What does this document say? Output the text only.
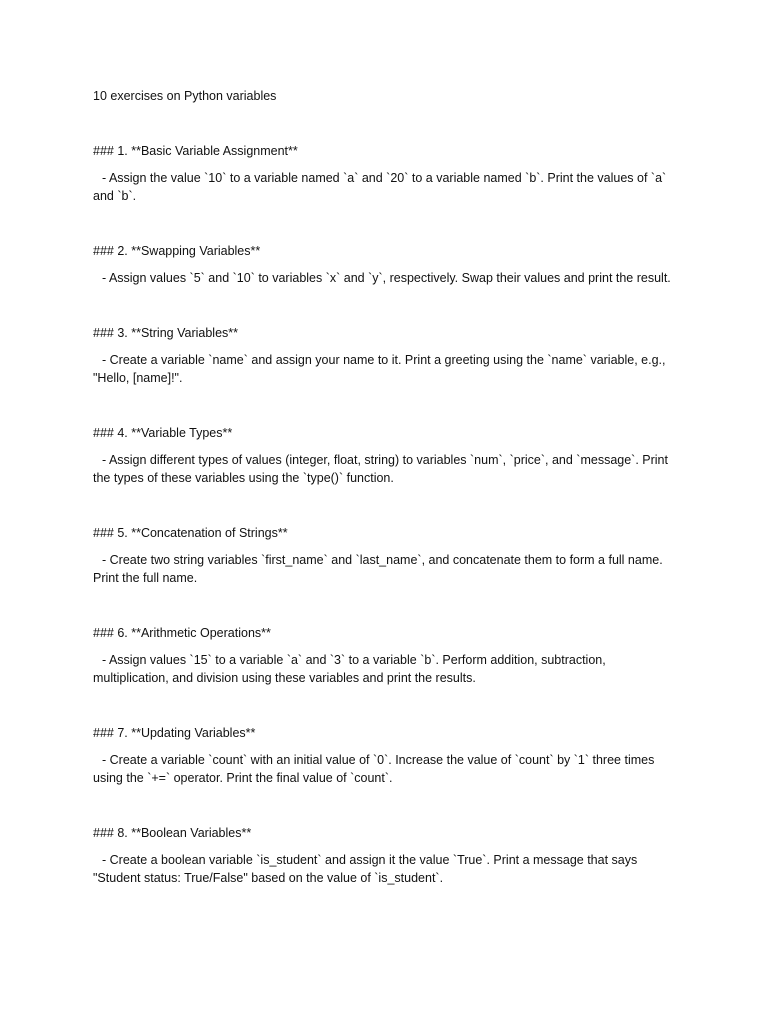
10 exercises on Python variables

### 1. **Basic Variable Assignment**

- Assign the value `10` to a variable named `a` and `20` to a variable named `b`. Print the values of `a` and `b`.

### 2. **Swapping Variables**

- Assign values `5` and `10` to variables `x` and `y`, respectively. Swap their values and print the result.

### 3. **String Variables**

- Create a variable `name` and assign your name to it. Print a greeting using the `name` variable, e.g., "Hello, [name]!".

### 4. **Variable Types**

- Assign different types of values (integer, float, string) to variables `num`, `price`, and `message`. Print the types of these variables using the `type()` function.

### 5. **Concatenation of Strings**

- Create two string variables `first_name` and `last_name`, and concatenate them to form a full name. Print the full name.

### 6. **Arithmetic Operations**

- Assign values `15` to a variable `a` and `3` to a variable `b`. Perform addition, subtraction, multiplication, and division using these variables and print the results.

### 7. **Updating Variables**

- Create a variable `count` with an initial value of `0`. Increase the value of `count` by `1` three times using the `+=` operator. Print the final value of `count`.

### 8. **Boolean Variables**

- Create a boolean variable `is_student` and assign it the value `True`. Print a message that says "Student status: True/False" based on the value of `is_student`.
